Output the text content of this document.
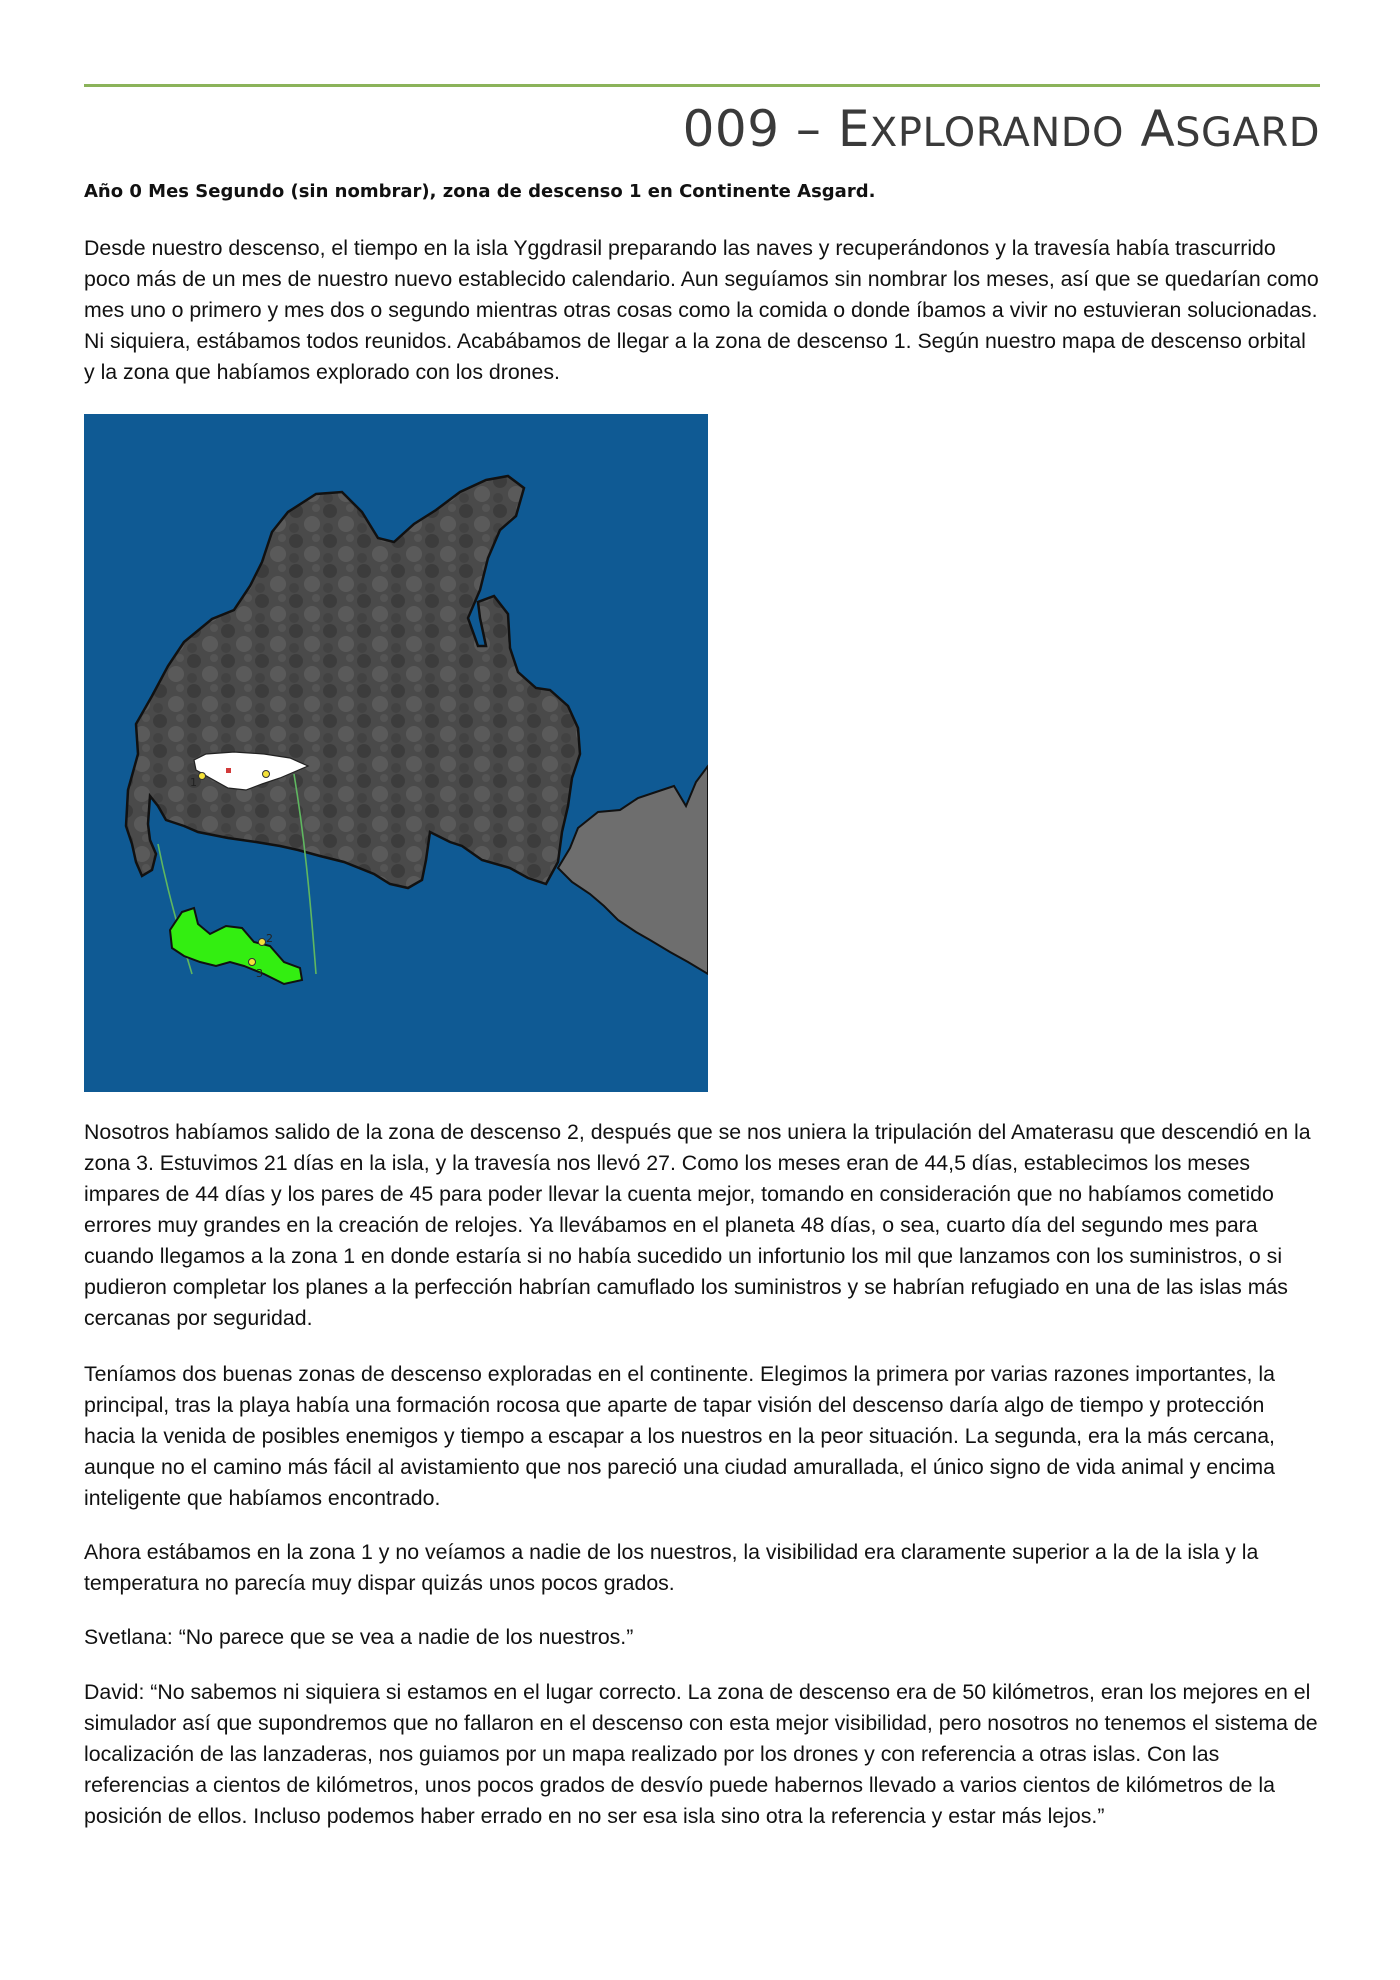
009 – EXPLORANDO ASGARD
Año 0 Mes Segundo (sin nombrar), zona de descenso 1 en Continente Asgard.

Desde nuestro descenso, el tiempo en la isla Yggdrasil preparando las naves y recuperándonos y la travesía había trascurrido poco más de un mes de nuestro nuevo establecido calendario. Aun seguíamos sin nombrar los meses, así que se quedarían como mes uno o primero y mes dos o segundo mientras otras cosas como la comida o donde íbamos a vivir no estuvieran solucionadas. Ni siquiera, estábamos todos reunidos. Acabábamos de llegar a la zona de descenso 1. Según nuestro mapa de descenso orbital y la zona que habíamos explorado con los drones.

1
2
3

Nosotros habíamos salido de la zona de descenso 2, después que se nos uniera la tripulación del Amaterasu que descendió en la zona 3. Estuvimos 21 días en la isla, y la travesía nos llevó 27. Como los meses eran de 44,5 días, establecimos los meses impares de 44 días y los pares de 45 para poder llevar la cuenta mejor, tomando en consideración que no habíamos cometido errores muy grandes en la creación de relojes. Ya llevábamos en el planeta 48 días, o sea, cuarto día del segundo mes para cuando llegamos a la zona 1 en donde estaría si no había sucedido un infortunio los mil que lanzamos con los suministros, o si pudieron completar los planes a la perfección habrían camuflado los suministros y se habrían refugiado en una de las islas más cercanas por seguridad.

Teníamos dos buenas zonas de descenso exploradas en el continente. Elegimos la primera por varias razones importantes, la principal, tras la playa había una formación rocosa que aparte de tapar visión del descenso daría algo de tiempo y protección hacia la venida de posibles enemigos y tiempo a escapar a los nuestros en la peor situación. La segunda, era la más cercana, aunque no el camino más fácil al avistamiento que nos pareció una ciudad amurallada, el único signo de vida animal y encima inteligente que habíamos encontrado.

Ahora estábamos en la zona 1 y no veíamos a nadie de los nuestros, la visibilidad era claramente superior a la de la isla y la temperatura no parecía muy dispar quizás unos pocos grados.

Svetlana: “No parece que se vea a nadie de los nuestros.”

David: “No sabemos ni siquiera si estamos en el lugar correcto. La zona de descenso era de 50 kilómetros, eran los mejores en el simulador así que supondremos que no fallaron en el descenso con esta mejor visibilidad, pero nosotros no tenemos el sistema de localización de las lanzaderas, nos guiamos por un mapa realizado por los drones y con referencia a otras islas. Con las referencias a cientos de kilómetros, unos pocos grados de desvío puede habernos llevado a varios cientos de kilómetros de la posición de ellos. Incluso podemos haber errado en no ser esa isla sino otra la referencia y estar más lejos.”
